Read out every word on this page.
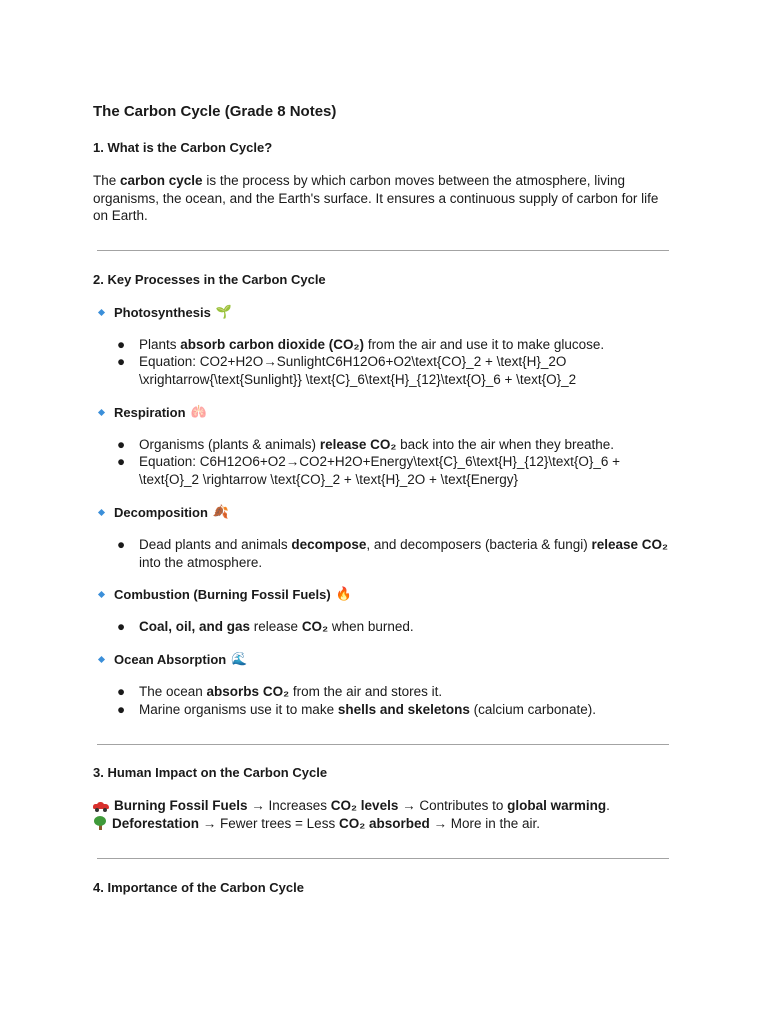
The Carbon Cycle (Grade 8 Notes)
1. What is the Carbon Cycle?

The carbon cycle is the process by which carbon moves between the atmosphere, living organisms, the ocean, and the Earth's surface. It ensures a continuous supply of carbon for life on Earth.

2. Key Processes in the Carbon Cycle
Photosynthesis 🌱
● Plants absorb carbon dioxide (CO₂) from the air and use it to make glucose.
● Equation: CO2+H2O→SunlightC6H12O6+O2\text{CO}_2 + \text{H}_2O \xrightarrow{\text{Sunlight}} \text{C}_6\text{H}_{12}\text{O}_6 + \text{O}_2
Respiration 🫁
● Organisms (plants & animals) release CO₂ back into the air when they breathe.
● Equation: C6H12O6+O2→CO2+H2O+Energy\text{C}_6\text{H}_{12}\text{O}_6 + \text{O}_2 \rightarrow \text{CO}_2 + \text{H}_2O + \text{Energy}
Decomposition 🍂
● Dead plants and animals decompose, and decomposers (bacteria & fungi) release CO₂ into the atmosphere.
Combustion (Burning Fossil Fuels) 🔥
● Coal, oil, and gas release CO₂ when burned.
Ocean Absorption 🌊
● The ocean absorbs CO₂ from the air and stores it.
● Marine organisms use it to make shells and skeletons (calcium carbonate).
3. Human Impact on the Carbon Cycle

Burning Fossil Fuels → Increases CO₂ levels → Contributes to global warming.

Deforestation → Fewer trees = Less CO₂ absorbed → More in the air.

4. Importance of the Carbon Cycle
